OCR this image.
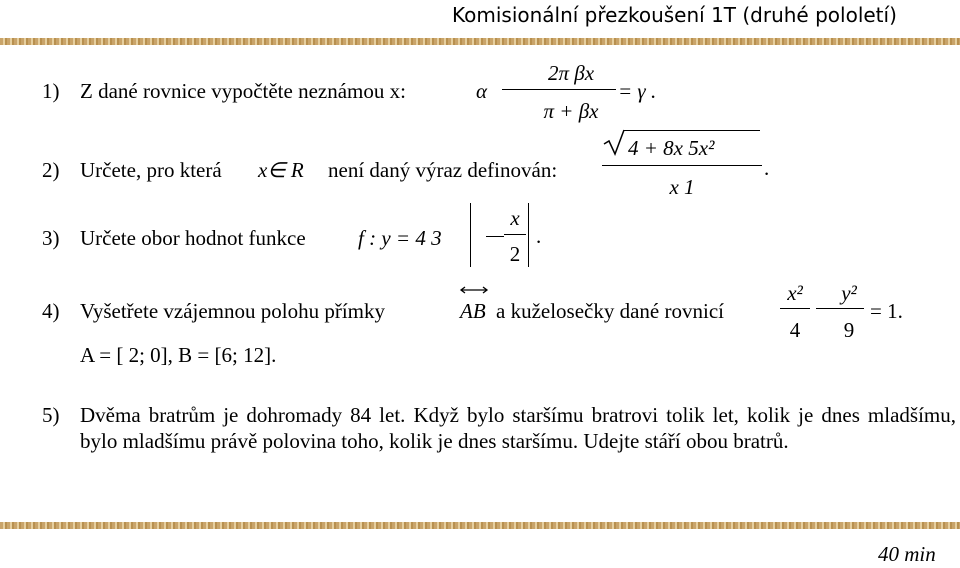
Komisionální přezkoušení 1T (druhé pololetí)
1) Z dané rovnice vypočtěte neznámou x:	α
2π βx
π + βx
= γ .
2) Určete, pro která x∈ R není daný výraz definován:
4 + 8x 5x²
x 1
.
3) Určete obor hodnot funkce f : y = 4 3
x
2
.
4) Vyšetřete vzájemnou polohu přímky	AB a kuželosečky dané rovnicí
x²
4
y²
9
= 1.
A = [ 2; 0], B = [6; 12].
5) Dvěma bratrům je dohromady 84 let. Když bylo staršímu bratrovi tolik let, kolik je dnes mladšímu, bylo mladšímu právě polovina toho, kolik je dnes staršímu. Udejte stáří obou bratrů.
40 min
